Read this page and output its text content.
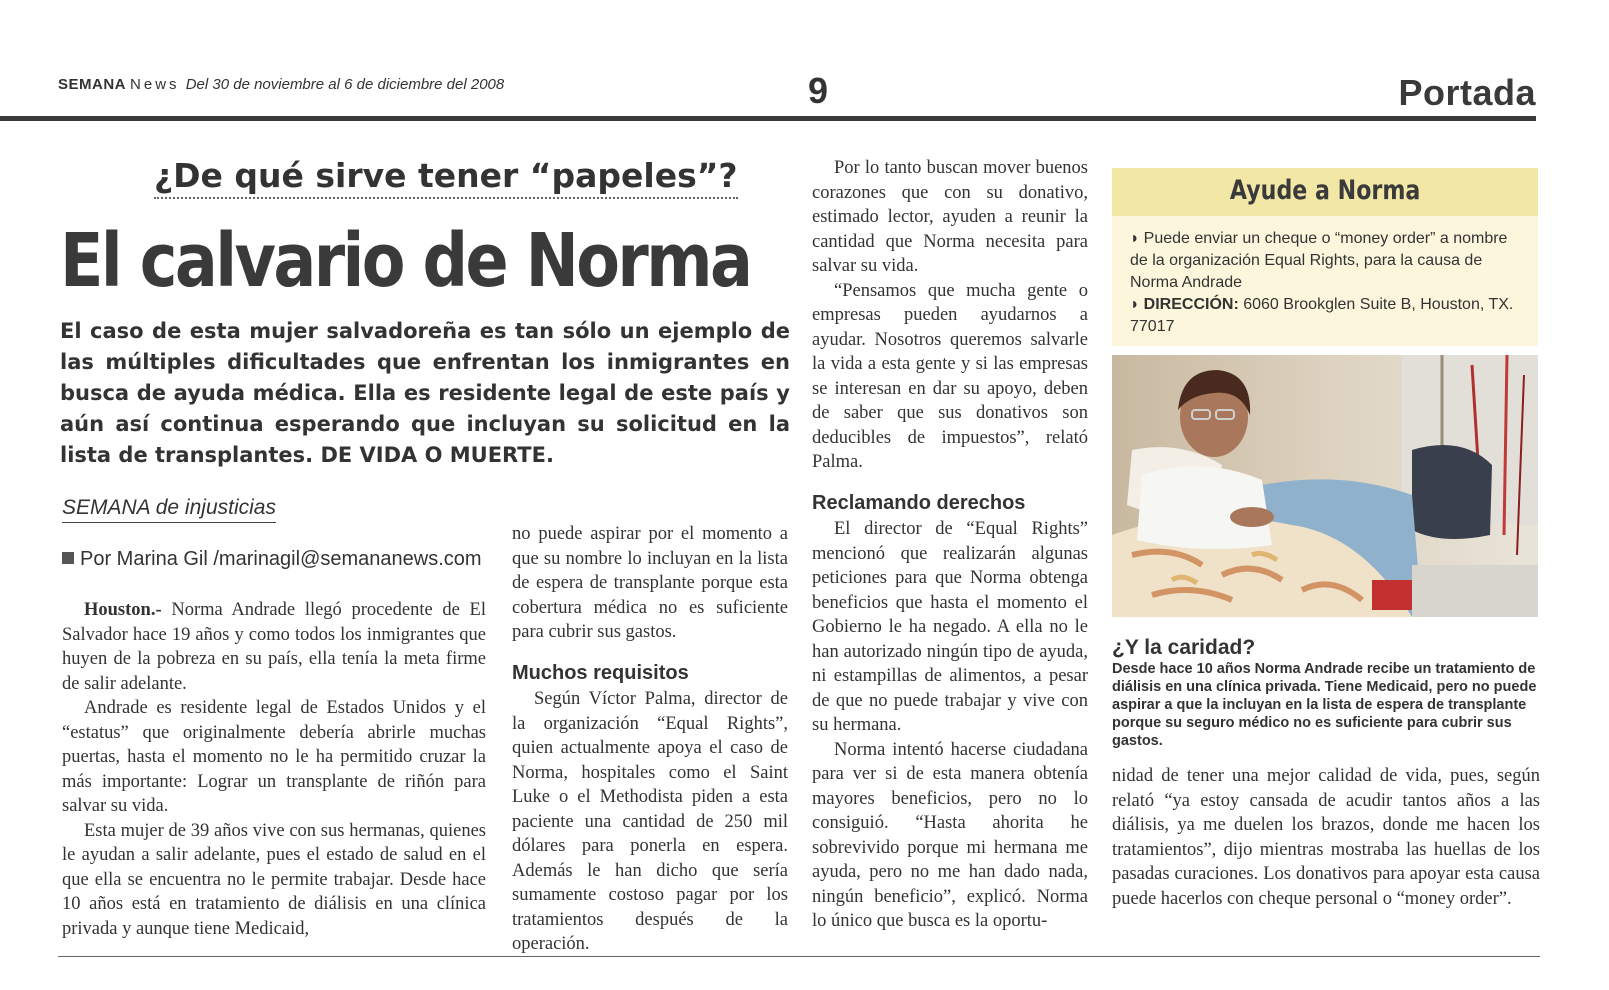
SEMANA News Del 30 de noviembre al 6 de diciembre del 2008	9	Portada
¿De qué sirve tener “papeles”?
El calvario de Norma
El caso de esta mujer salvadoreña es tan sólo un ejemplo de las múltiples dificultades que enfrentan los inmigrantes en busca de ayuda médica. Ella es residente legal de este país y aún así continua esperando que incluyan su solicitud en la lista de transplantes. DE VIDA O MUERTE.
SEMANA de injusticias
Por Marina Gil /marinagil@semananews.com

Houston.- Norma Andrade llegó procedente de El Salvador hace 19 años y como todos los inmigrantes que huyen de la pobreza en su país, ella tenía la meta firme de salir adelante.

Andrade es residente legal de Estados Unidos y el “estatus” que originalmente debería abrirle muchas puertas, hasta el momento no le ha permitido cruzar la más importante: Lograr un transplante de riñón para salvar su vida.

Esta mujer de 39 años vive con sus hermanas, quienes le ayudan a salir adelante, pues el estado de salud en el que ella se encuentra no le permite trabajar. Desde hace 10 años está en tratamiento de diálisis en una clínica privada y aunque tiene Medicaid,

no puede aspirar por el momento a que su nombre lo incluyan en la lista de espera de transplante porque esta cobertura médica no es suficiente para cubrir sus gastos.

Muchos requisitos

Según Víctor Palma, director de la organización “Equal Rights”, quien actualmente apoya el caso de Norma, hospitales como el Saint Luke o el Methodista piden a esta paciente una cantidad de 250 mil dólares para ponerla en espera. Además le han dicho que sería sumamente costoso pagar por los tratamientos después de la operación.

Por lo tanto buscan mover buenos corazones que con su donativo, estimado lector, ayuden a reunir la cantidad que Norma necesita para salvar su vida.

“Pensamos que mucha gente o empresas pueden ayudarnos a ayudar. Nosotros queremos salvarle la vida a esta gente y si las empresas se interesan en dar su apoyo, deben de saber que sus donativos son deducibles de impuestos”, relató Palma.

Reclamando derechos

El director de “Equal Rights” mencionó que realizarán algunas peticiones para que Norma obtenga beneficios que hasta el momento el Gobierno le ha negado. A ella no le han autorizado ningún tipo de ayuda, ni estampillas de alimentos, a pesar de que no puede trabajar y vive con su hermana.

Norma intentó hacerse ciudadana para ver si de esta manera obtenía mayores beneficios, pero no lo consiguió. “Hasta ahorita he sobrevivido porque mi hermana me ayuda, pero no me han dado nada, ningún beneficio”, explicó. Norma lo único que busca es la oportu-

Ayude a Norma
◗ Puede enviar un cheque o “money order” a nombre de la organización Equal Rights, para la causa de Norma Andrade
◗ DIRECCIÓN: 6060 Brookglen Suite B, Houston, TX. 77017
¿Y la caridad?
Desde hace 10 años Norma Andrade recibe un tratamiento de diálisis en una clínica privada. Tiene Medicaid, pero no puede aspirar a que la incluyan en la lista de espera de transplante porque su seguro médico no es suficiente para cubrir sus gastos.

nidad de tener una mejor calidad de vida, pues, según relató “ya estoy cansada de acudir tantos años a las diálisis, ya me duelen los brazos, donde me hacen los tratamientos”, dijo mientras mostraba las huellas de los pasadas curaciones. Los donativos para apoyar esta causa puede hacerlos con cheque personal o “money order”.
